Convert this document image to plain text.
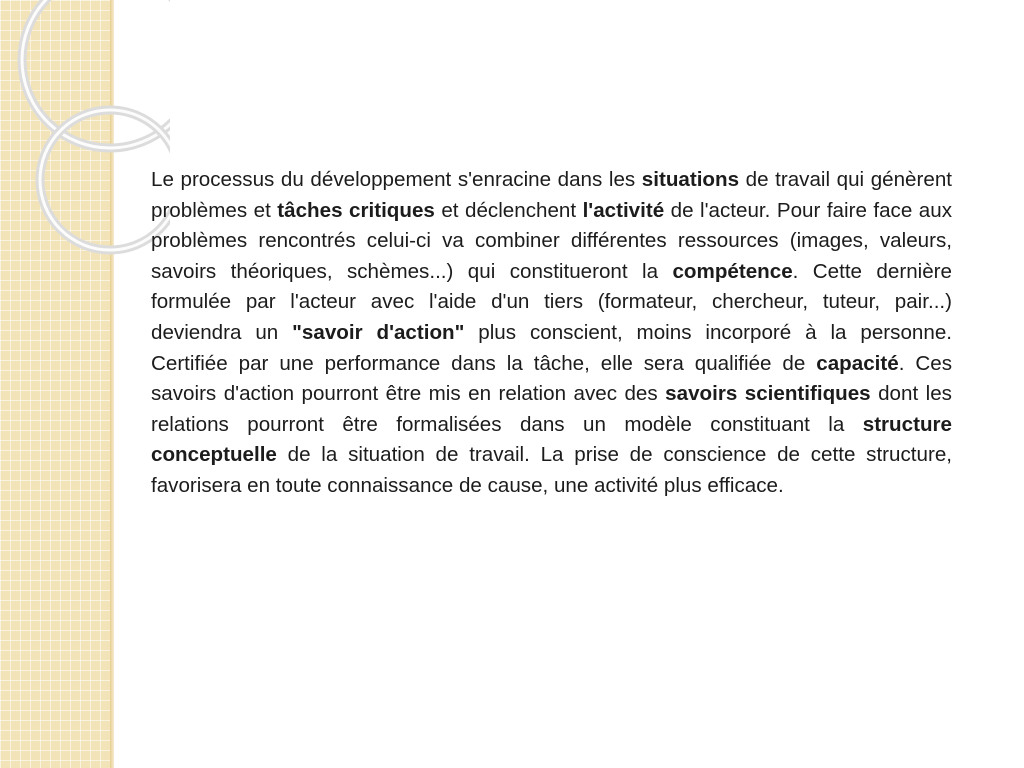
Le processus du développement s'enracine dans les situations de travail qui génèrent problèmes et tâches critiques et déclenchent l'activité de l'acteur. Pour faire face aux problèmes rencontrés celui-ci va combiner différentes ressources (images, valeurs, savoirs théoriques, schèmes...) qui constitueront la compétence. Cette dernière formulée par l'acteur avec l'aide d'un tiers (formateur, chercheur, tuteur, pair...) deviendra un "savoir d'action" plus conscient, moins incorporé à la personne. Certifiée par une performance dans la tâche, elle sera qualifiée de capacité. Ces savoirs d'action pourront être mis en relation avec des savoirs scientifiques dont les relations pourront être formalisées dans un modèle constituant la structure conceptuelle de la situation de travail. La prise de conscience de cette structure, favorisera en toute connaissance de cause, une activité plus efficace.
